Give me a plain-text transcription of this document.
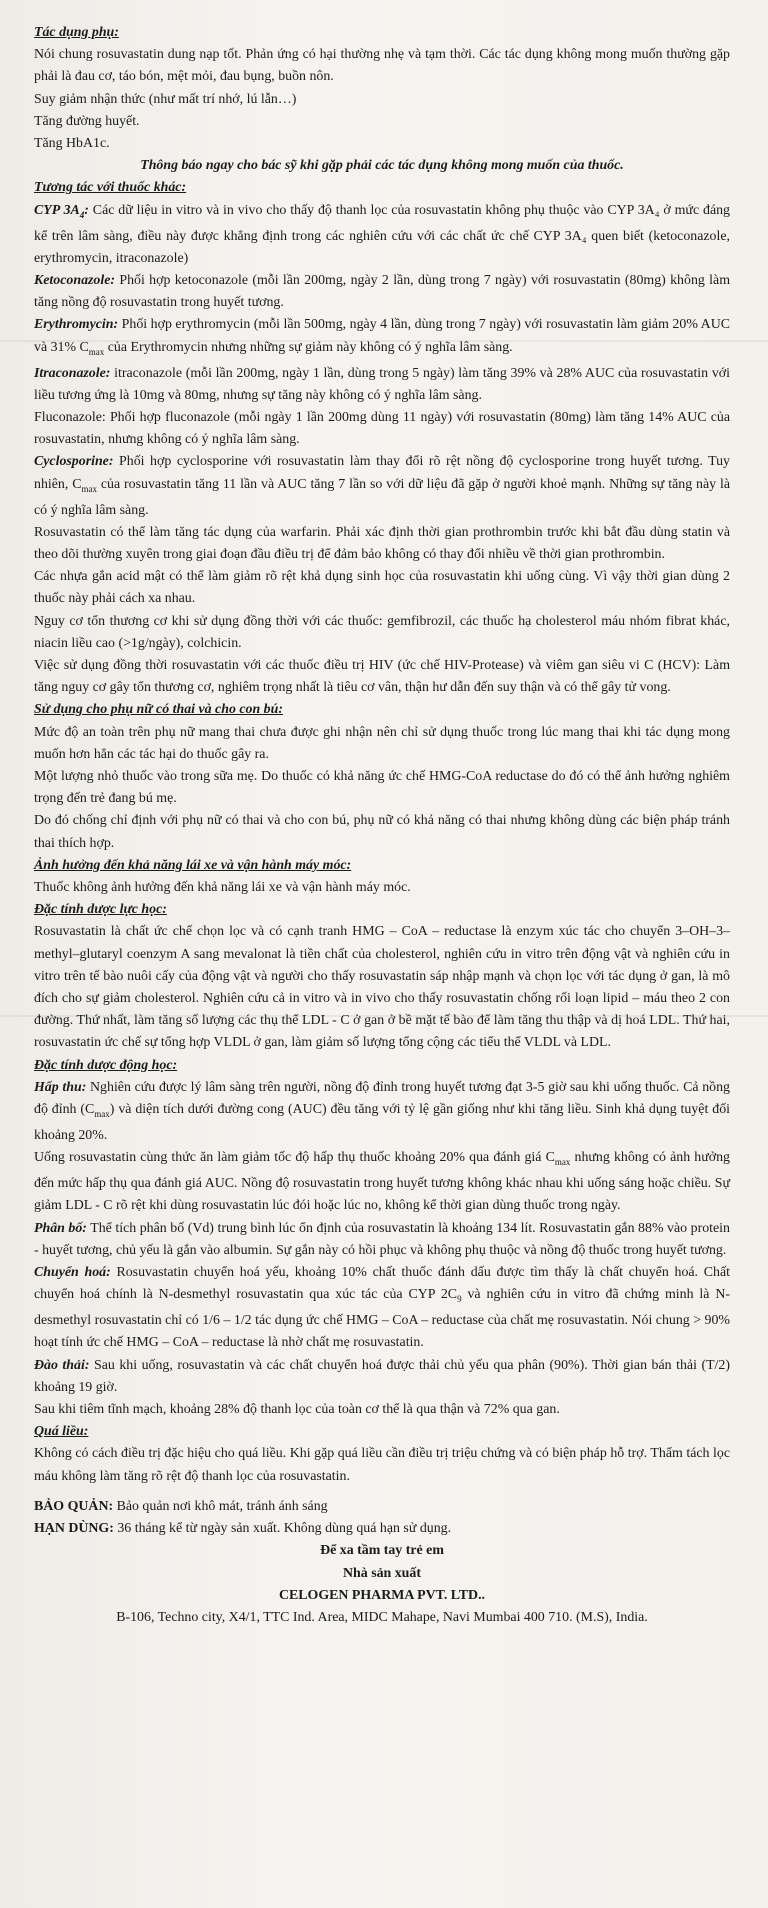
Tác dụng phụ:

Nói chung rosuvastatin dung nạp tốt. Phản ứng có hại thường nhẹ và tạm thời. Các tác dụng không mong muốn thường gặp phải là đau cơ, táo bón, mệt mỏi, đau bụng, buồn nôn.

Suy giảm nhận thức (như mất trí nhớ, lú lẫn…)

Tăng đường huyết.

Tăng HbA1c.

Thông báo ngay cho bác sỹ khi gặp phải các tác dụng không mong muốn của thuốc.

Tương tác với thuốc khác:

CYP $3A_4$: Các dữ liệu in vitro và in vivo cho thấy độ thanh lọc của rosuvastatin không phụ thuộc vào CYP 3A₄ ở mức đáng kể trên lâm sàng, điều này được khẳng định trong các nghiên cứu với các chất ức chế CYP 3A₄ quen biết (ketoconazole, erythromycin, itraconazole)

Ketoconazole: Phối hợp ketoconazole (mỗi lần 200mg, ngày 2 lần, dùng trong 7 ngày) với rosuvastatin (80mg) không làm tăng nồng độ rosuvastatin trong huyết tương.

Erythromycin: Phối hợp erythromycin (mỗi lần 500mg, ngày 4 lần, dùng trong 7 ngày) với rosuvastatin làm giảm 20% AUC và 31% $C_{max}$ của Erythromycin nhưng những sự giảm này không có ý nghĩa lâm sàng.

Itraconazole: itraconazole (mỗi lần 200mg, ngày 1 lần, dùng trong 5 ngày) làm tăng 39% và 28% AUC của rosuvastatin với liều tương ứng là 10mg và 80mg, nhưng sự tăng này không có ý nghĩa lâm sàng.

Fluconazole: Phối hợp fluconazole (mỗi ngày 1 lần 200mg dùng 11 ngày) với rosuvastatin (80mg) làm tăng 14% AUC của rosuvastatin, nhưng không có ý nghĩa lâm sàng.

Cyclosporine: Phối hợp cyclosporine với rosuvastatin làm thay đổi rõ rệt nồng độ cyclosporine trong huyết tương. Tuy nhiên, $C_{max}$ của rosuvastatin tăng 11 lần và AUC tăng 7 lần so với dữ liệu đã gặp ở người khoẻ mạnh. Những sự tăng này là có ý nghĩa lâm sàng.

Rosuvastatin có thể làm tăng tác dụng của warfarin. Phải xác định thời gian prothrombin trước khi bắt đầu dùng statin và theo dõi thường xuyên trong giai đoạn đầu điều trị để đảm bảo không có thay đổi nhiều về thời gian prothrombin.

Các nhựa gắn acid mật có thể làm giảm rõ rệt khả dụng sinh học của rosuvastatin khi uống cùng. Vì vậy thời gian dùng 2 thuốc này phải cách xa nhau.

Nguy cơ tổn thương cơ khi sử dụng đồng thời với các thuốc: gemfibrozil, các thuốc hạ cholesterol máu nhóm fibrat khác, niacin liều cao (>1g/ngày), colchicin.

Việc sử dụng đồng thời rosuvastatin với các thuốc điều trị HIV (ức chế HIV-Protease) và viêm gan siêu vi C (HCV): Làm tăng nguy cơ gây tổn thương cơ, nghiêm trọng nhất là tiêu cơ vân, thận hư dẫn đến suy thận và có thể gây tử vong.

Sử dụng cho phụ nữ có thai và cho con bú:

Mức độ an toàn trên phụ nữ mang thai chưa được ghi nhận nên chỉ sử dụng thuốc trong lúc mang thai khi tác dụng mong muốn hơn hẳn các tác hại do thuốc gây ra.

Một lượng nhỏ thuốc vào trong sữa mẹ. Do thuốc có khả năng ức chế HMG-CoA reductase do đó có thể ảnh hưởng nghiêm trọng đến trẻ đang bú mẹ.

Do đó chống chỉ định với phụ nữ có thai và cho con bú, phụ nữ có khả năng có thai nhưng không dùng các biện pháp tránh thai thích hợp.

Ảnh hưởng đến khả năng lái xe và vận hành máy móc:

Thuốc không ảnh hưởng đến khả năng lái xe và vận hành máy móc.

Đặc tính dược lực học:

Rosuvastatin là chất ức chế chọn lọc và có cạnh tranh HMG – CoA – reductase là enzym xúc tác cho chuyển 3–OH–3–methyl–glutaryl coenzym A sang mevalonat là tiền chất của cholesterol, nghiên cứu in vitro trên động vật và nghiên cứu in vitro trên tế bào nuôi cấy của động vật và người cho thấy rosuvastatin sáp nhập mạnh và chọn lọc với tác dụng ở gan, là mô đích cho sự giảm cholesterol. Nghiên cứu cả in vitro và in vivo cho thấy rosuvastatin chống rối loạn lipid – máu theo 2 con đường. Thứ nhất, làm tăng số lượng các thụ thể LDL - C ở gan ở bề mặt tế bào để làm tăng thu thập và dị hoá LDL. Thứ hai, rosuvastatin ức chế sự tổng hợp VLDL ở gan, làm giảm số lượng tổng cộng các tiểu thể VLDL và LDL.

Đặc tính dược động học:

Hấp thu: Nghiên cứu được lý lâm sàng trên người, nồng độ đỉnh trong huyết tương đạt 3-5 giờ sau khi uống thuốc. Cả nồng độ đỉnh $(C_{max})$ và diện tích dưới đường cong (AUC) đều tăng với tỷ lệ gần giống như khi tăng liều. Sinh khả dụng tuyệt đối khoảng 20%.

Uống rosuvastatin cùng thức ăn làm giảm tốc độ hấp thụ thuốc khoảng 20% qua đánh giá $C_{max}$ nhưng không có ảnh hưởng đến mức hấp thụ qua đánh giá AUC. Nồng độ rosuvastatin trong huyết tương không khác nhau khi uống sáng hoặc chiều. Sự giảm LDL - C rõ rệt khi dùng rosuvastatin lúc đói hoặc lúc no, không kể thời gian dùng thuốc trong ngày.

Phân bố: Thể tích phân bố (Vd) trung bình lúc ổn định của rosuvastatin là khoảng 134 lít. Rosuvastatin gắn 88% vào protein - huyết tương, chủ yếu là gắn vào albumin. Sự gắn này có hồi phục và không phụ thuộc và nồng độ thuốc trong huyết tương.

Chuyển hoá: Rosuvastatin chuyển hoá yếu, khoảng 10% chất thuốc đánh dấu được tìm thấy là chất chuyển hoá. Chất chuyển hoá chính là N-desmethyl rosuvastatin qua xúc tác của CYP $2C_9$ và nghiên cứu in vitro đã chứng minh là N-desmethyl rosuvastatin chỉ có 1/6 – 1/2 tác dụng ức chế HMG – CoA – reductase của chất mẹ rosuvastatin. Nói chung > 90% hoạt tính ức chế HMG – CoA – reductase là nhờ chất mẹ rosuvastatin.

Đào thải: Sau khi uống, rosuvastatin và các chất chuyển hoá được thải chủ yếu qua phân (90%). Thời gian bán thải (T/2) khoảng 19 giờ.

Sau khi tiêm tĩnh mạch, khoảng 28% độ thanh lọc của toàn cơ thể là qua thận và 72% qua gan.

Quá liều:

Không có cách điều trị đặc hiệu cho quá liều. Khi gặp quá liều cần điều trị triệu chứng và có biện pháp hỗ trợ. Thẩm tách lọc máu không làm tăng rõ rệt độ thanh lọc của rosuvastatin.

BẢO QUẢN: Bảo quản nơi khô mát, tránh ánh sáng

HẠN DÙNG: 36 tháng kể từ ngày sản xuất. Không dùng quá hạn sử dụng.

Để xa tầm tay trẻ em

Nhà sản xuất

CELOGEN PHARMA PVT. LTD..

B-106, Techno city, X4/1, TTC Ind. Area, MIDC Mahape, Navi Mumbai 400 710. (M.S), India.
